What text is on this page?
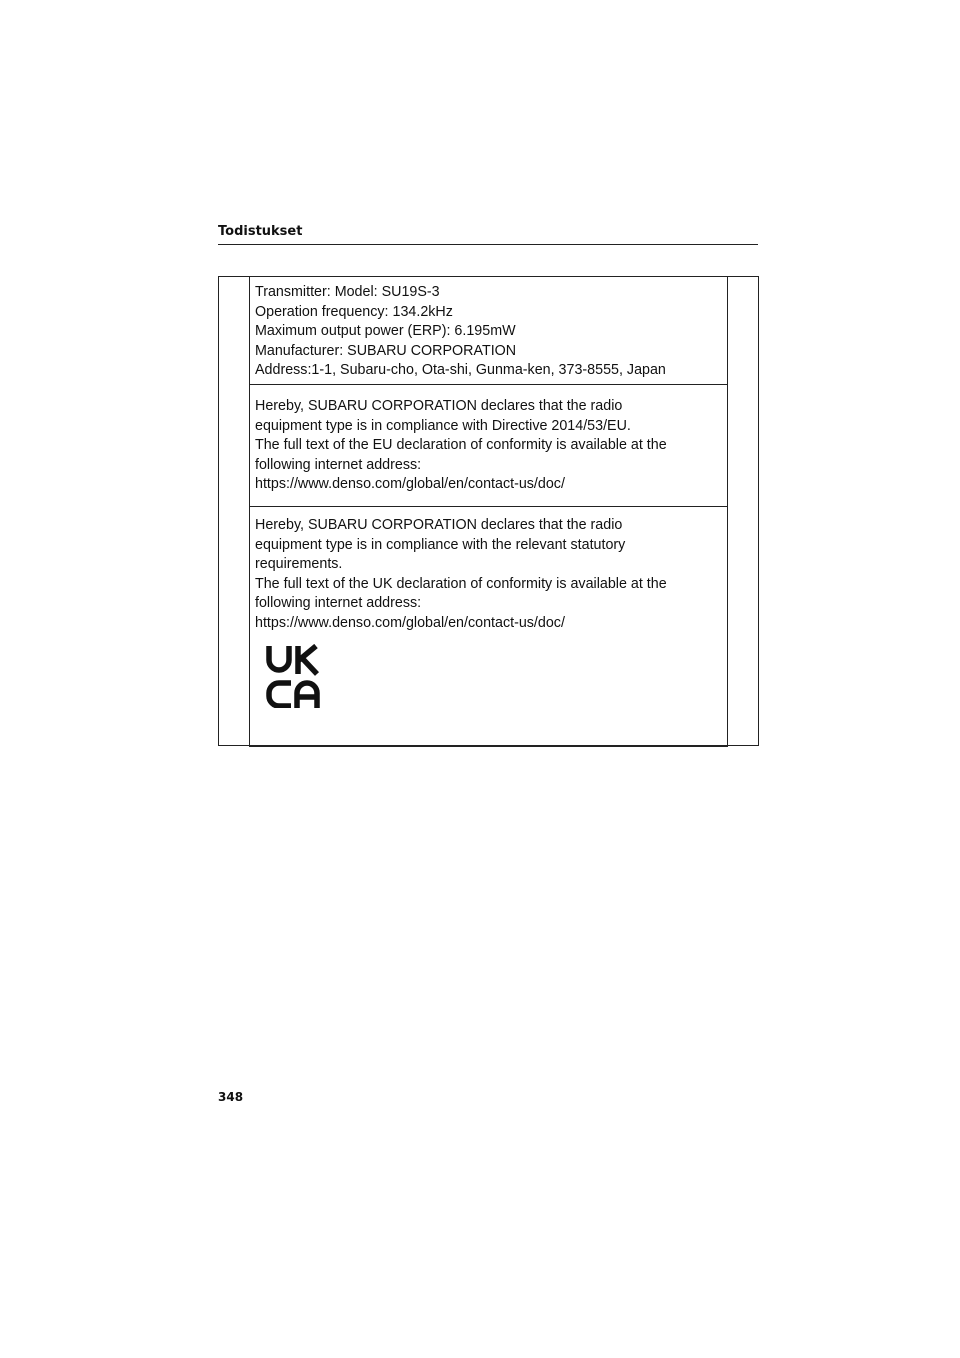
Todistukset
Transmitter: Model: SU19S-3
Operation frequency: 134.2kHz
Maximum output power (ERP): 6.195mW
Manufacturer: SUBARU CORPORATION
Address:1-1, Subaru-cho, Ota-shi, Gunma-ken, 373-8555, Japan
Hereby, SUBARU CORPORATION declares that the radio
equipment type is in compliance with Directive 2014/53/EU.
The full text of the EU declaration of conformity is available at the
following internet address:
https://www.denso.com/global/en/contact-us/doc/
Hereby, SUBARU CORPORATION declares that the radio
equipment type is in compliance with the relevant statutory
requirements.
The full text of the UK declaration of conformity is available at the
following internet address:
https://www.denso.com/global/en/contact-us/doc/
348
